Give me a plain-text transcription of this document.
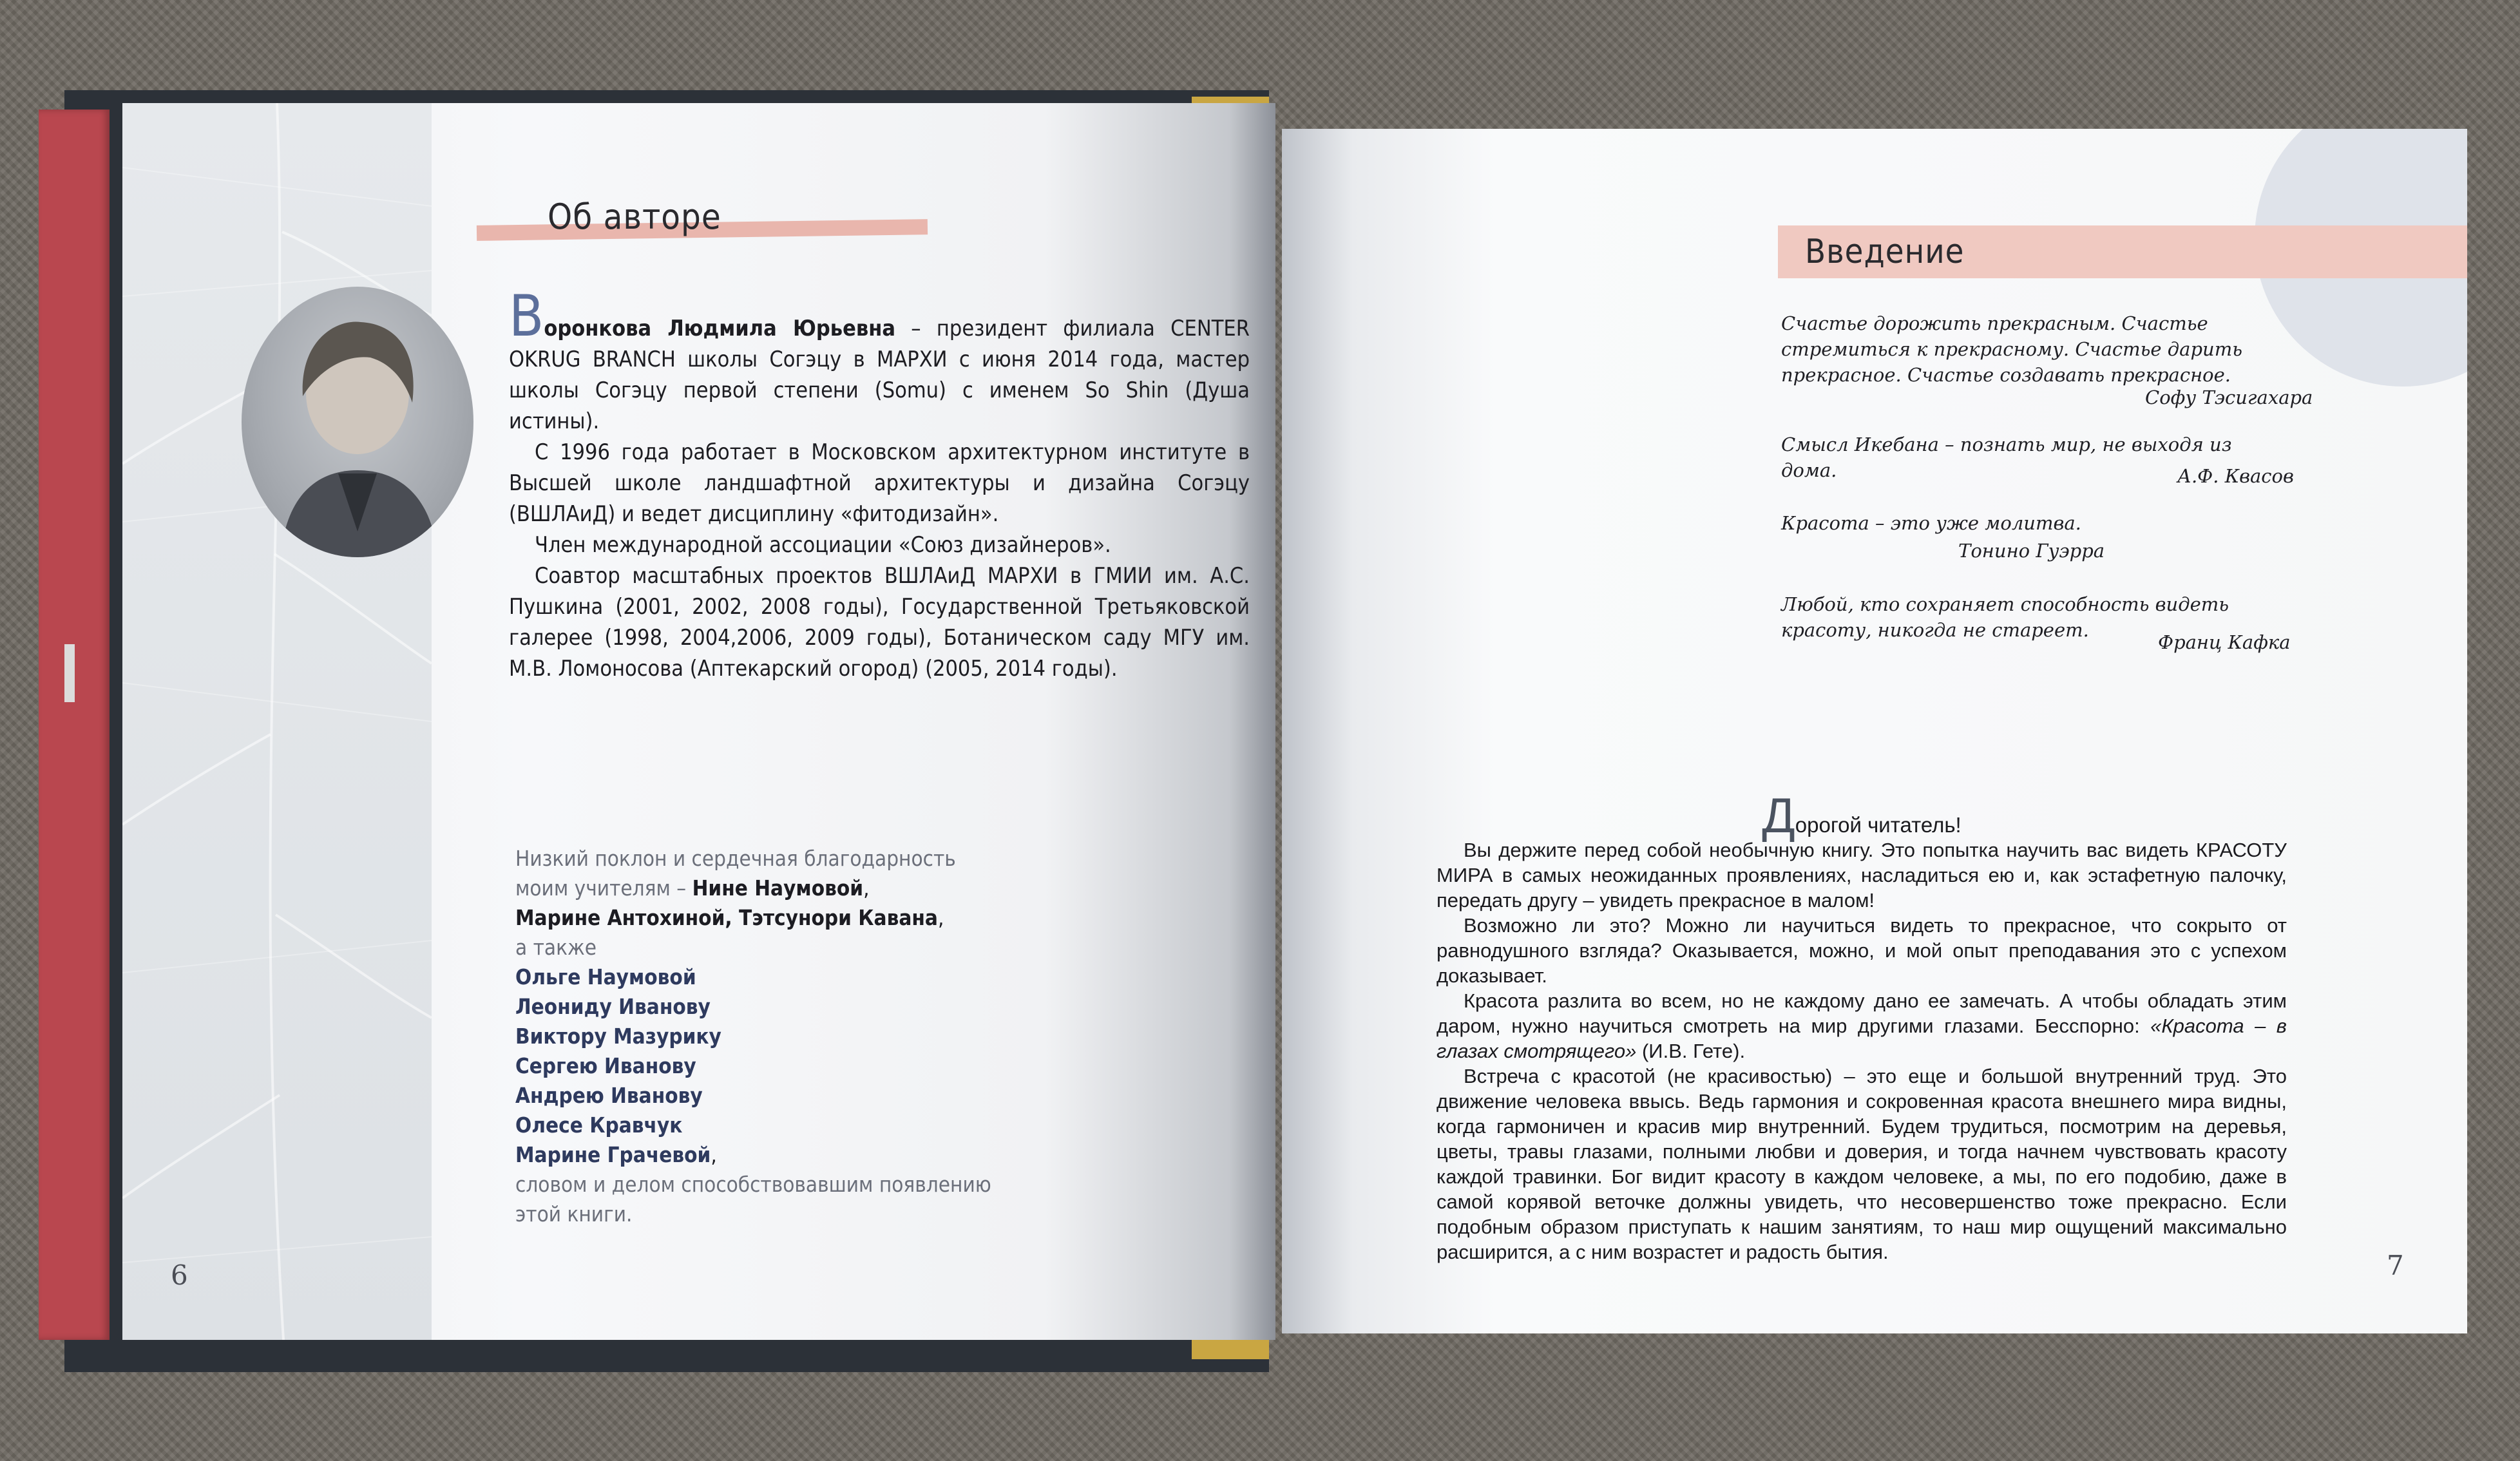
Об авторе

Воронкова Людмила Юрьевна – президент филиала CENTER OKRUG BRANCH школы Согэцу в МАРХИ с июня 2014 года, мастер школы Согэцу первой степени (Somu) с именем So Shin (Душа истины).

С 1996 года работает в Московском архитектурном институте в Высшей школе ландшафтной архитектуры и дизайна Согэцу (ВШЛАиД) и ведет дисциплину «фитодизайн».

Член международной ассоциации «Союз дизайнеров».

Соавтор масштабных проектов ВШЛАиД МАРХИ в ГМИИ им. А.С. Пушкина (2001, 2002, 2008 годы), Государственной Третьяковской галерее (1998, 2004,2006, 2009 годы), Ботаническом саду МГУ им. М.В. Ломоносова (Аптекарский огород) (2005, 2014 годы).

Низкий поклон и сердечная благодарность
моим учителям – Нине Наумовой,
Марине Антохиной, Тэтсунори Кавана,
а также
Ольге Наумовой
Леониду Иванову
Виктору Мазурику
Сергею Иванову
Андрею Иванову
Олесе Кравчук
Марине Грачевой,
словом и делом способствовавшим появлению
этой книги.
6
Введение
Счастье дорожить прекрасным. Счастье стремиться к прекрасному. Счастье дарить прекрасное. Счастье создавать прекрасное.
Софу Тэсигахара
Смысл Икебана – познать мир, не выходя из дома.	А.Ф. Квасов
Красота – это уже молитва.
Тонино Гуэрра
Любой, кто сохраняет способность видеть красоту, никогда не стареет.
Франц Кафка

Дорогой читатель!

Вы держите перед собой необычную книгу. Это попытка научить вас видеть КРАСОТУ МИРА в самых неожиданных проявлениях, насладиться ею и, как эстафетную палочку, передать другу – увидеть прекрасное в малом!

Возможно ли это? Можно ли научиться видеть то прекрасное, что сокрыто от равнодушного взгляда? Оказывается, можно, и мой опыт преподавания это с успехом доказывает.

Красота разлита во всем, но не каждому дано ее замечать. А чтобы обладать этим даром, нужно научиться смотреть на мир другими глазами. Бесспорно: «Красота – в глазах смотрящего» (И.В. Гете).

Встреча с красотой (не красивостью) – это еще и большой внутренний труд. Это движение человека ввысь. Ведь гармония и сокровенная красота внешнего мира видны, когда гармоничен и красив мир внутренний. Будем трудиться, посмотрим на деревья, цветы, травы глазами, полными любви и доверия, и тогда начнем чувствовать красоту каждой травинки. Бог видит красоту в каждом человеке, а мы, по его подобию, даже в самой корявой веточке должны увидеть, что несовершенство тоже прекрасно. Если подобным образом приступать к нашим занятиям, то наш мир ощущений максимально расширится, а с ним возрастет и радость бытия.	7
